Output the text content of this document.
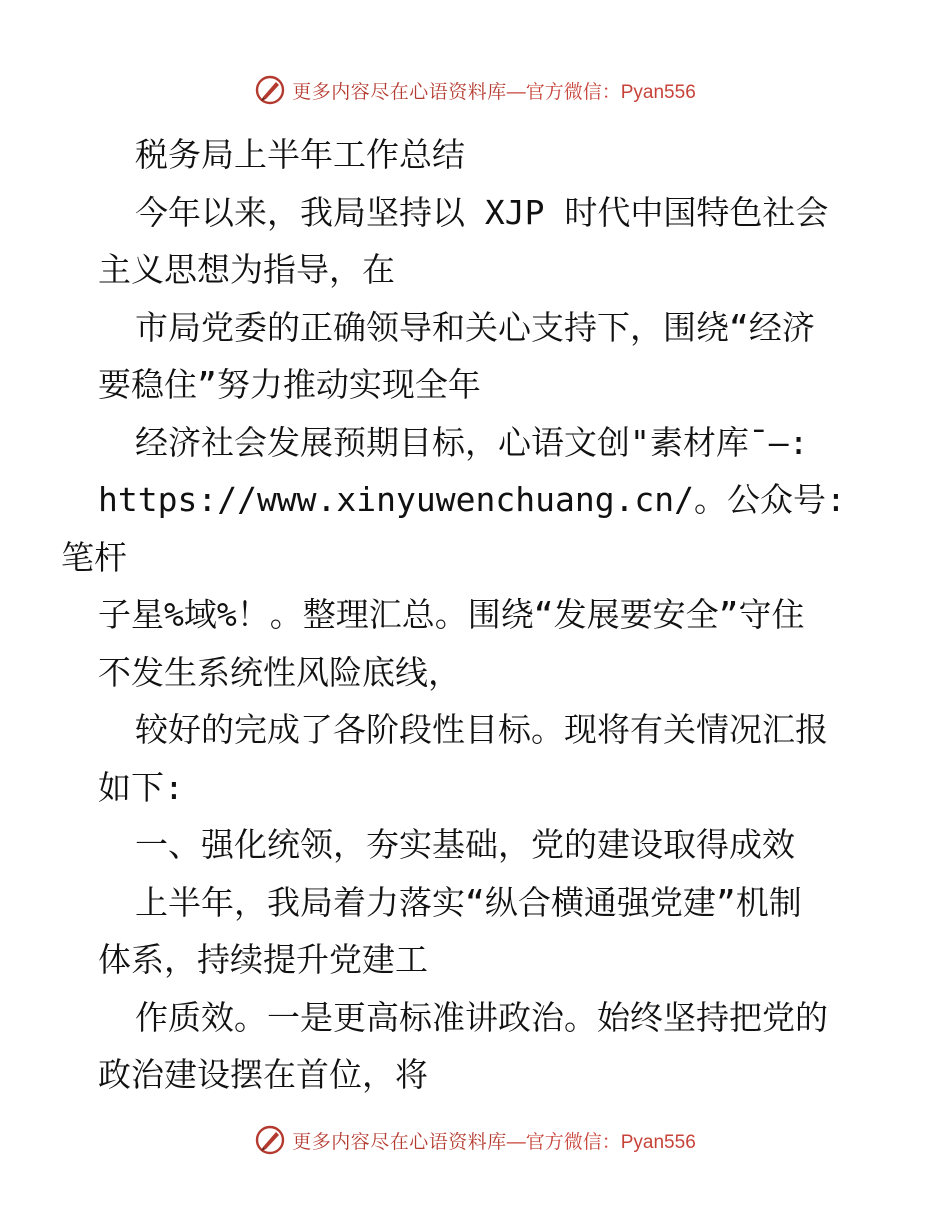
更多内容尽在心语资料库 —官方微信：Pyan556

税务局上半年工作总结

今年以来，我局坚持以 XJP 时代中国特色社会
主义思想为指导，在

市局党委的正确领导和关心支持下，围绕“经济
要稳住”努力推动实现全年

经济社会发展预期目标，心语文创"素材库¯—:
https://www.xinyuwenchuang.cn/。公众号: 笔杆
子星%域%！。整理汇总。围绕“发展要安全”守住
不发生系统性风险底线，

较好的完成了各阶段性目标。现将有关情况汇报
如下:

一、强化统领，夯实基础，党的建设取得成效

上半年，我局着力落实“纵合横通强党建”机制
体系，持续提升党建工

作质效。一是更高标准讲政治。始终坚持把党的
政治建设摆在首位，将

更多内容尽在心语资料库 —官方微信：Pyan556
